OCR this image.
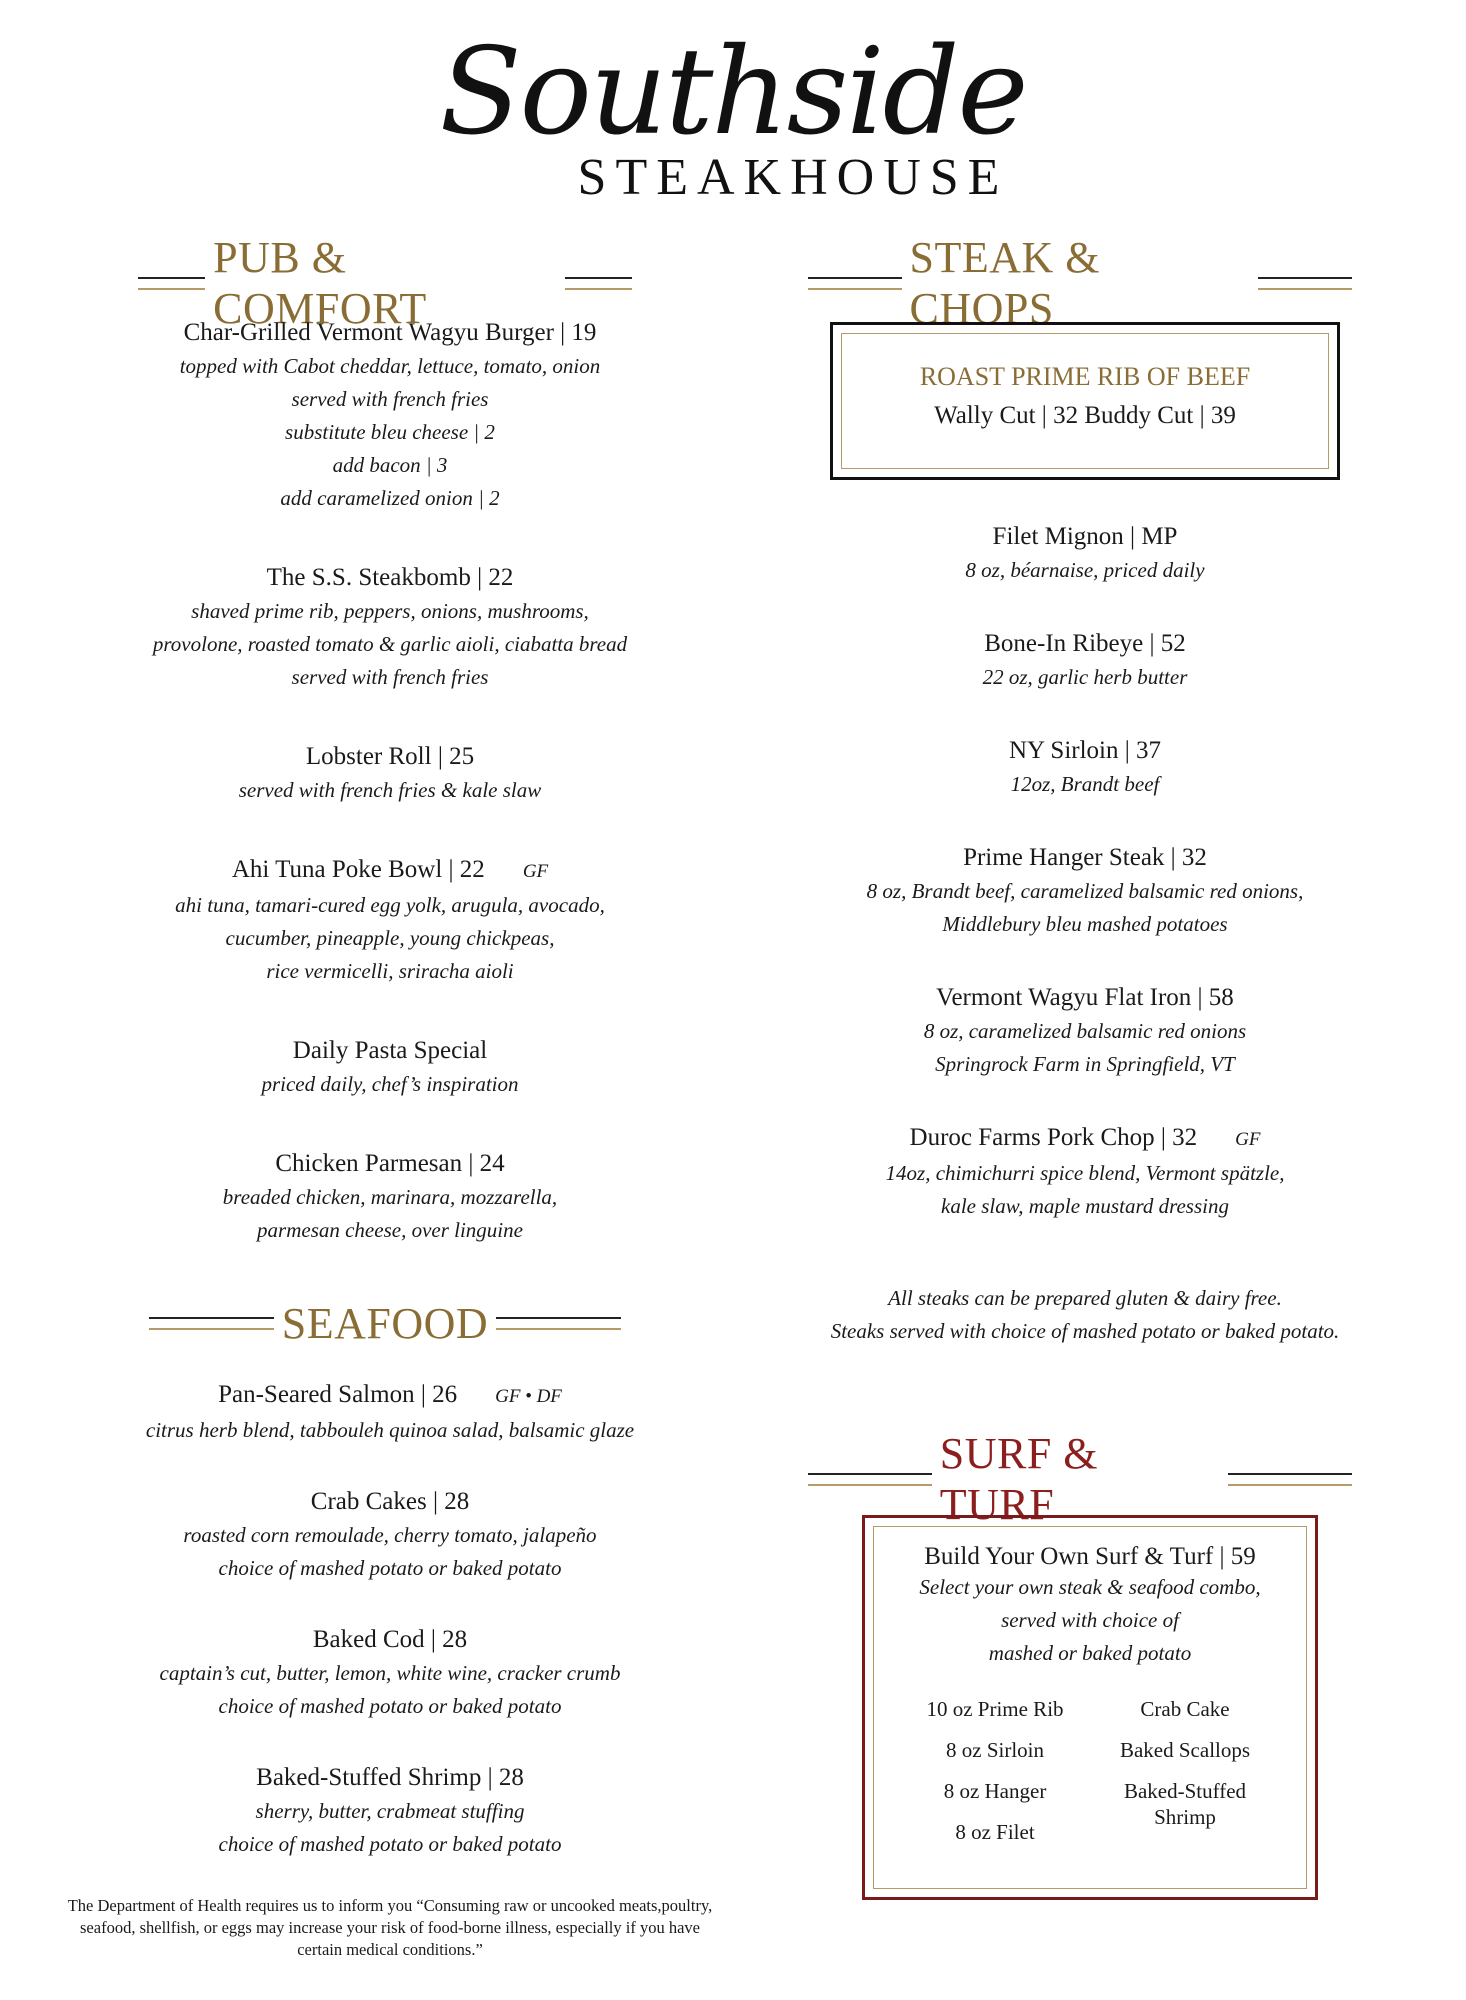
Southside
STEAKHOUSE
PUB & COMFORT
Char-Grilled Vermont Wagyu Burger | 19
topped with Cabot cheddar, lettuce, tomato, onion
served with french fries
substitute bleu cheese | 2
add bacon | 3
add caramelized onion | 2
The S.S. Steakbomb | 22
shaved prime rib, peppers, onions, mushrooms,
provolone, roasted tomato & garlic aioli, ciabatta bread
served with french fries
Lobster Roll | 25
served with french fries & kale slaw
Ahi Tuna Poke Bowl | 22 GF
ahi tuna, tamari-cured egg yolk, arugula, avocado,
cucumber, pineapple, young chickpeas,
rice vermicelli, sriracha aioli
Daily Pasta Special
priced daily, chef’s inspiration
Chicken Parmesan | 24
breaded chicken, marinara, mozzarella,
parmesan cheese, over linguine
SEAFOOD
Pan-Seared Salmon | 26 GF • DF
citrus herb blend, tabbouleh quinoa salad, balsamic glaze
Crab Cakes | 28
roasted corn remoulade, cherry tomato, jalapeño
choice of mashed potato or baked potato
Baked Cod | 28
captain’s cut, butter, lemon, white wine, cracker crumb
choice of mashed potato or baked potato
Baked-Stuffed Shrimp | 28
sherry, butter, crabmeat stuffing
choice of mashed potato or baked potato
STEAK & CHOPS
ROAST PRIME RIB OF BEEF
Wally Cut | 32 Buddy Cut | 39
Filet Mignon | MP
8 oz, béarnaise, priced daily
Bone-In Ribeye | 52
22 oz, garlic herb butter
NY Sirloin | 37
12oz, Brandt beef
Prime Hanger Steak | 32
8 oz, Brandt beef, caramelized balsamic red onions,
Middlebury bleu mashed potatoes
Vermont Wagyu Flat Iron | 58
8 oz, caramelized balsamic red onions
Springrock Farm in Springfield, VT
Duroc Farms Pork Chop | 32 GF
14oz, chimichurri spice blend, Vermont spätzle,
kale slaw, maple mustard dressing
All steaks can be prepared gluten & dairy free.
Steaks served with choice of mashed potato or baked potato.
SURF & TURF
Build Your Own Surf & Turf | 59
Select your own steak & seafood combo,
served with choice of
mashed or baked potato
10 oz Prime Rib
8 oz Sirloin
8 oz Hanger
8 oz Filet
Crab Cake
Baked Scallops
Baked-Stuffed Shrimp
The Department of Health requires us to inform you “Consuming raw or uncooked meats,poultry, seafood, shellfish, or eggs may increase your risk of food-borne illness, especially if you have certain medical conditions.”
